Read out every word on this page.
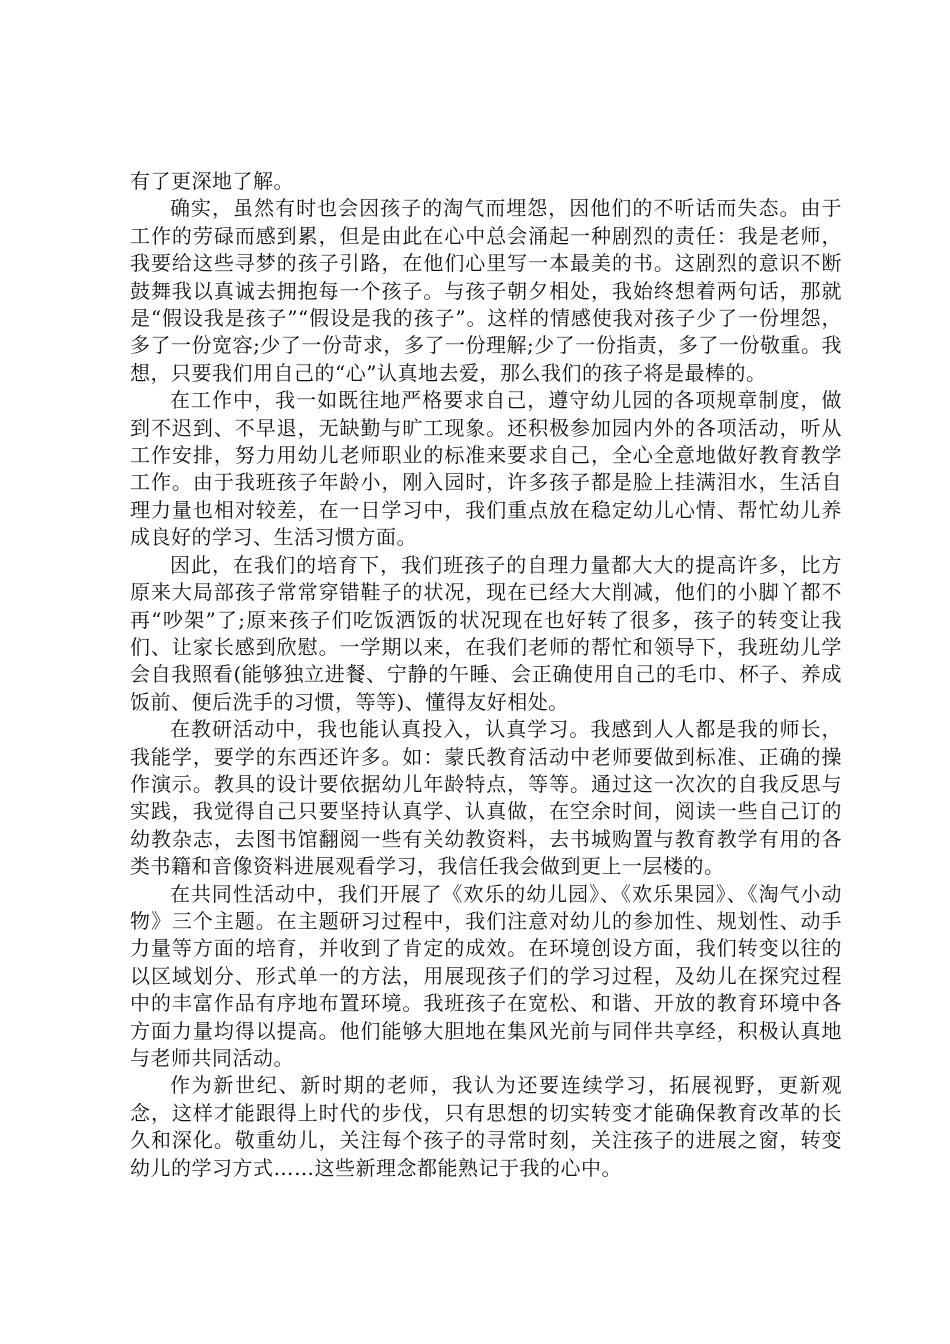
有了更深地了解。

确实，虽然有时也会因孩子的淘气而埋怨，因他们的不听话而失态。由于工作的劳碌而感到累，但是由此在心中总会涌起一种剧烈的责任：我是老师，我要给这些寻梦的孩子引路，在他们心里写一本最美的书。这剧烈的意识不断鼓舞我以真诚去拥抱每一个孩子。与孩子朝夕相处，我始终想着两句话，那就是“假设我是孩子”“假设是我的孩子”。这样的情感使我对孩子少了一份埋怨，多了一份宽容;少了一份苛求，多了一份理解;少了一份指责，多了一份敬重。我想，只要我们用自己的“心”认真地去爱，那么我们的孩子将是最棒的。

在工作中，我一如既往地严格要求自己，遵守幼儿园的各项规章制度，做到不迟到、不早退，无缺勤与旷工现象。还积极参加园内外的各项活动，听从工作安排，努力用幼儿老师职业的标准来要求自己，全心全意地做好教育教学工作。由于我班孩子年龄小，刚入园时，许多孩子都是脸上挂满泪水，生活自理力量也相对较差，在一日学习中，我们重点放在稳定幼儿心情、帮忙幼儿养成良好的学习、生活习惯方面。

因此，在我们的培育下，我们班孩子的自理力量都大大的提高许多，比方原来大局部孩子常常穿错鞋子的状况，现在已经大大削减，他们的小脚丫都不再“吵架”了;原来孩子们吃饭洒饭的状况现在也好转了很多，孩子的转变让我们、让家长感到欣慰。一学期以来，在我们老师的帮忙和领导下，我班幼儿学会自我照看(能够独立进餐、宁静的午睡、会正确使用自己的毛巾、杯子、养成饭前、便后洗手的习惯，等等)、懂得友好相处。

在教研活动中，我也能认真投入，认真学习。我感到人人都是我的师长，我能学，要学的东西还许多。如：蒙氏教育活动中老师要做到标准、正确的操作演示。教具的设计要依据幼儿年龄特点，等等。通过这一次次的自我反思与实践，我觉得自己只要坚持认真学、认真做，在空余时间，阅读一些自己订的幼教杂志，去图书馆翻阅一些有关幼教资料，去书城购置与教育教学有用的各类书籍和音像资料进展观看学习，我信任我会做到更上一层楼的。

在共同性活动中，我们开展了《欢乐的幼儿园》、《欢乐果园》、《淘气小动物》三个主题。在主题研习过程中，我们注意对幼儿的参加性、规划性、动手力量等方面的培育，并收到了肯定的成效。在环境创设方面，我们转变以往的以区域划分、形式单一的方法，用展现孩子们的学习过程，及幼儿在探究过程中的丰富作品有序地布置环境。我班孩子在宽松、和谐、开放的教育环境中各方面力量均得以提高。他们能够大胆地在集风光前与同伴共享经，积极认真地与老师共同活动。

作为新世纪、新时期的老师，我认为还要连续学习，拓展视野，更新观念，这样才能跟得上时代的步伐，只有思想的切实转变才能确保教育改革的长久和深化。敬重幼儿，关注每个孩子的寻常时刻，关注孩子的进展之窗，转变幼儿的学习方式……这些新理念都能熟记于我的心中。
